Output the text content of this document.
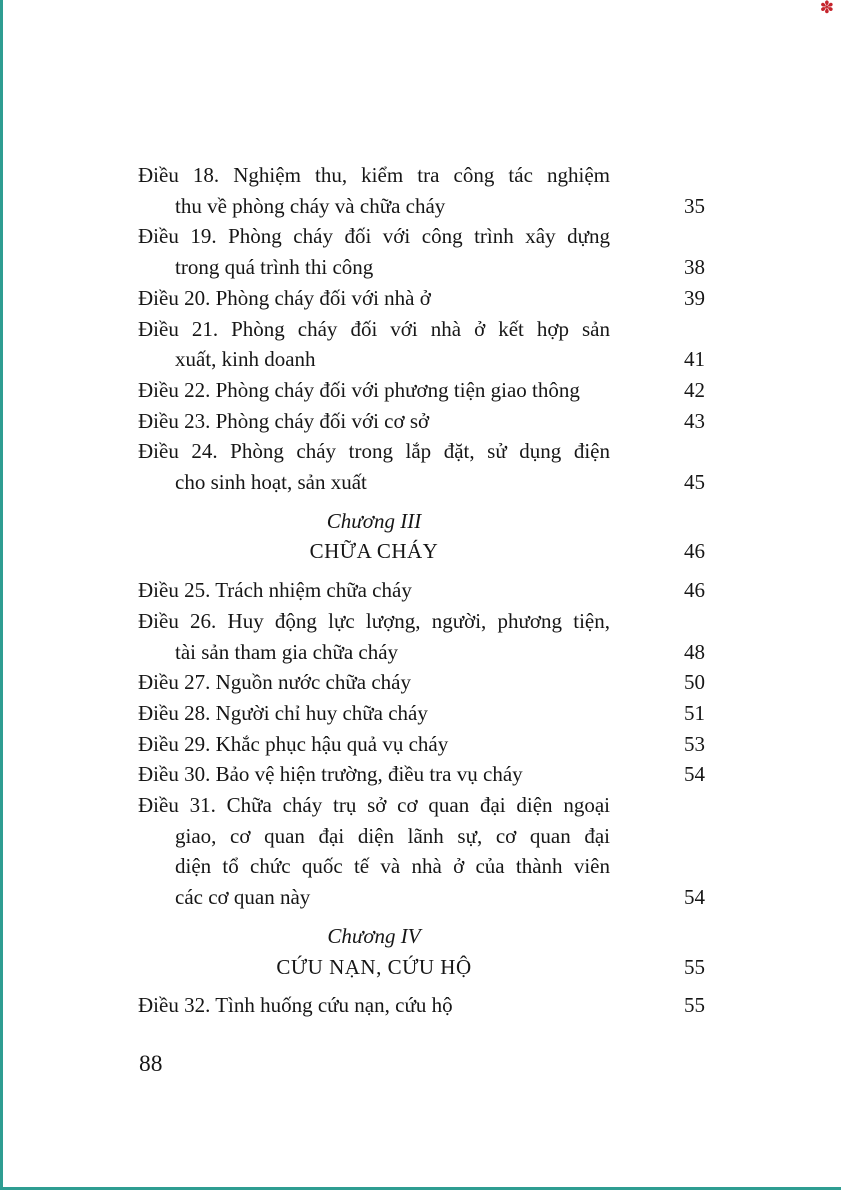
✽
Điều 18. Nghiệm thu, kiểm tra công tác nghiệm
thu về phòng cháy và chữa cháy	35
Điều 19. Phòng cháy đối với công trình xây dựng
trong quá trình thi công	38
Điều 20. Phòng cháy đối với nhà ở	39
Điều 21. Phòng cháy đối với nhà ở kết hợp sản
xuất, kinh doanh	41
Điều 22. Phòng cháy đối với phương tiện giao thông	42
Điều 23. Phòng cháy đối với cơ sở	43
Điều 24. Phòng cháy trong lắp đặt, sử dụng điện
cho sinh hoạt, sản xuất	45
Chương III
CHỮA CHÁY	46
Điều 25. Trách nhiệm chữa cháy	46
Điều 26. Huy động lực lượng, người, phương tiện,
tài sản tham gia chữa cháy	48
Điều 27. Nguồn nước chữa cháy	50
Điều 28. Người chỉ huy chữa cháy	51
Điều 29. Khắc phục hậu quả vụ cháy	53
Điều 30. Bảo vệ hiện trường, điều tra vụ cháy	54
Điều 31. Chữa cháy trụ sở cơ quan đại diện ngoại
giao, cơ quan đại diện lãnh sự, cơ quan đại
diện tổ chức quốc tế và nhà ở của thành viên
các cơ quan này	54
Chương IV
CỨU NẠN, CỨU HỘ	55
Điều 32. Tình huống cứu nạn, cứu hộ	55
88
